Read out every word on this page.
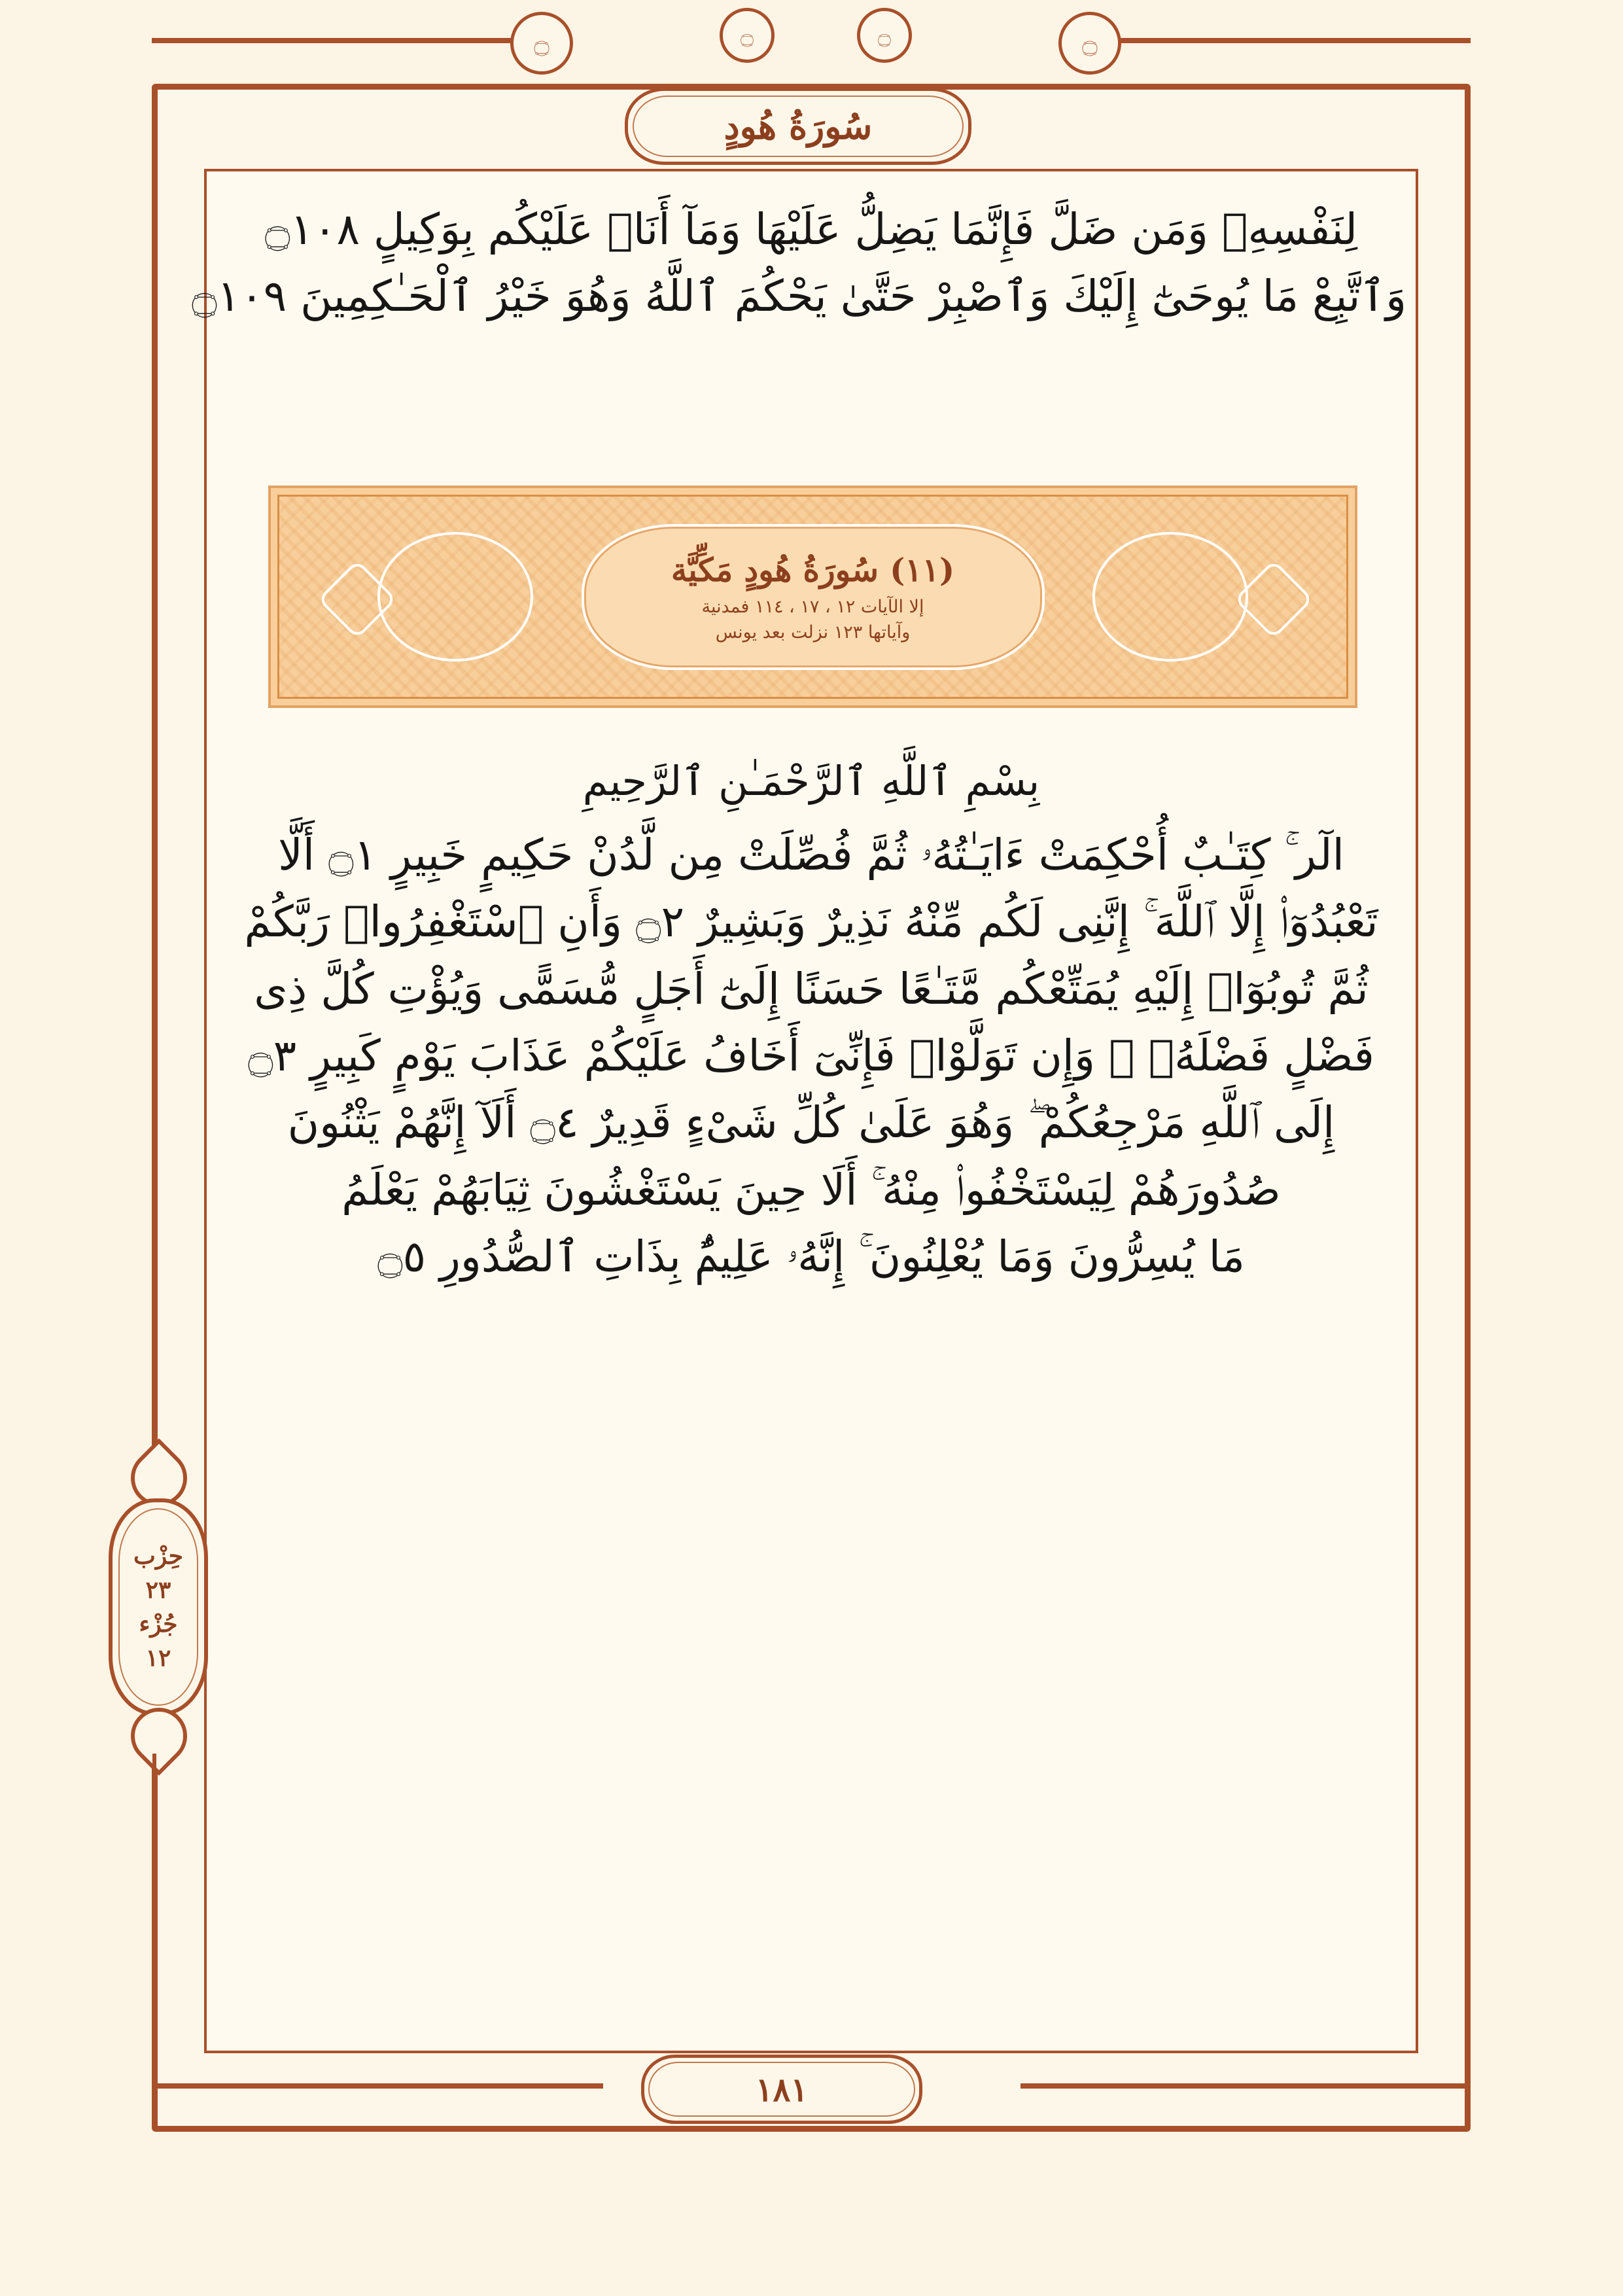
۝	۝
سُورَةُ هُودٍ
حِزْب
٢٣
جُزْء
١٢
لِنَفْسِهِۦ وَمَن ضَلَّ فَإِنَّمَا يَضِلُّ عَلَيْهَا وَمَآ أَنَا۠ عَلَيْكُم بِوَكِيلٍ ۝١٠٨
وَٱتَّبِعْ مَا يُوحَىٰٓ إِلَيْكَ وَٱصْبِرْ حَتَّىٰ يَحْكُمَ ٱللَّهُ وَهُوَ خَيْرُ ٱلْحَـٰكِمِينَ ۝١٠٩
(١١) سُورَةُ هُودٍ مَكِّيَّة
إلا الآيات ١٢ ، ١٧ ، ١١٤ فمدنية
وآياتها ١٢٣ نزلت بعد يونس
بِسْمِ ٱللَّهِ ٱلرَّحْمَـٰنِ ٱلرَّحِيمِ
الٓر ۚ كِتَـٰبٌ أُحْكِمَتْ ءَايَـٰتُهُۥ ثُمَّ فُصِّلَتْ مِن لَّدُنْ حَكِيمٍ خَبِيرٍ ۝١ أَلَّا
تَعْبُدُوٓا۟ إِلَّا ٱللَّهَ ۚ إِنَّنِى لَكُم مِّنْهُ نَذِيرٌ وَبَشِيرٌ ۝٢ وَأَنِ ٱسْتَغْفِرُوا۟ رَبَّكُمْ
ثُمَّ تُوبُوٓا۟ إِلَيْهِ يُمَتِّعْكُم مَّتَـٰعًا حَسَنًا إِلَىٰٓ أَجَلٍ مُّسَمًّى وَيُؤْتِ كُلَّ ذِى
فَضْلٍ فَضْلَهُۥ ۖ وَإِن تَوَلَّوْا۟ فَإِنِّىٓ أَخَافُ عَلَيْكُمْ عَذَابَ يَوْمٍ كَبِيرٍ ۝٣
إِلَى ٱللَّهِ مَرْجِعُكُمْ ۖ وَهُوَ عَلَىٰ كُلِّ شَىْءٍ قَدِيرٌ ۝٤ أَلَآ إِنَّهُمْ يَثْنُونَ
صُدُورَهُمْ لِيَسْتَخْفُوا۟ مِنْهُ ۚ أَلَا حِينَ يَسْتَغْشُونَ ثِيَابَهُمْ يَعْلَمُ
مَا يُسِرُّونَ وَمَا يُعْلِنُونَ ۚ إِنَّهُۥ عَلِيمٌۢ بِذَاتِ ٱلصُّدُورِ ۝٥
۝	۝
١٨١
